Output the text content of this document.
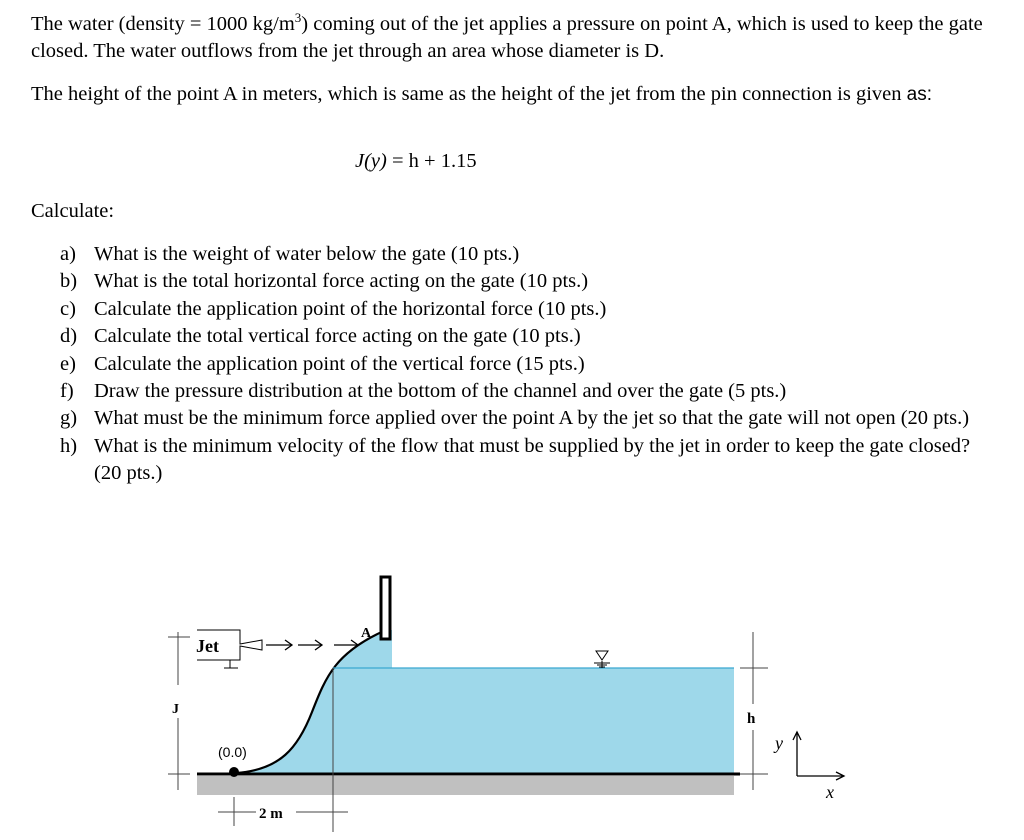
The water (density = 1000 $kg/m^3$) coming out of the jet applies a pressure on point A, which is used to keep the gate closed. The water outflows from the jet through an area whose diameter is D.

The height of the point A in meters, which is same as the height of the jet from the pin connection is given as:

J(y) = h + 1.15
Calculate:
a) What is the weight of water below the gate (10 pts.)
b) What is the total horizontal force acting on the gate (10 pts.)
c) Calculate the application point of the horizontal force (10 pts.)
d) Calculate the total vertical force acting on the gate (10 pts.)
e) Calculate the application point of the vertical force (15 pts.)
f) Draw the pressure distribution at the bottom of the channel and over the gate (5 pts.)
g) What must be the minimum force applied over the point A by the jet so that the gate will not open (20 pts.)
h) What is the minimum velocity of the flow that must be supplied by the jet in order to keep the gate closed? (20 pts.)
J
Jet
A
h
y
x
(0.0)
2 m
